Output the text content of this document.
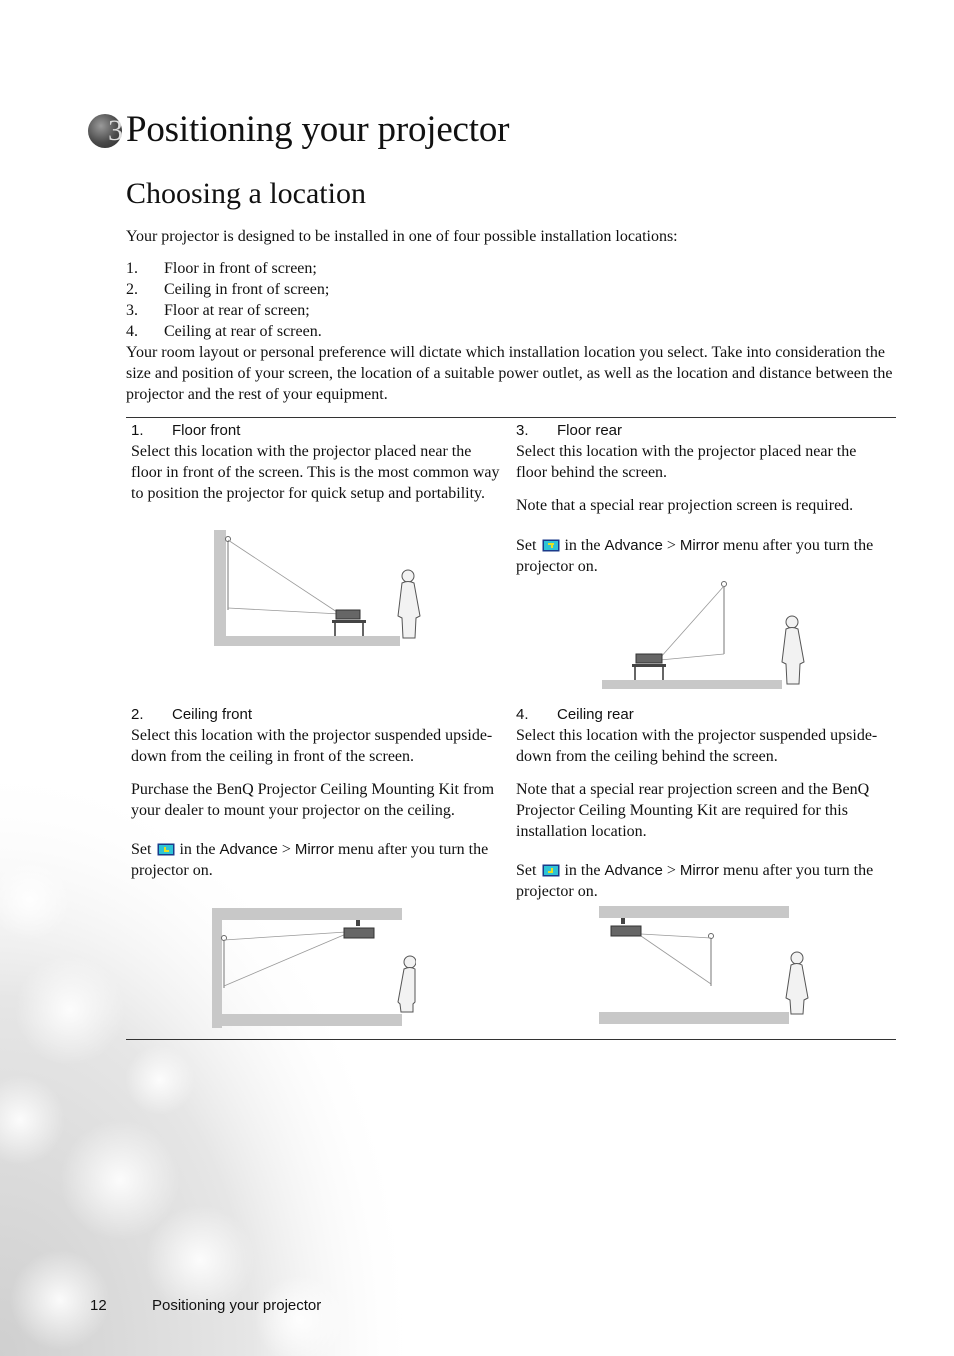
3 Positioning your projector
Choosing a location
Your projector is designed to be installed in one of four possible installation locations:
1.	Floor in front of screen;
2.	Ceiling in front of screen;
3.	Floor at rear of screen;
4.	Ceiling at rear of screen.
Your room layout or personal preference will dictate which installation location you select. Take into consideration the size and position of your screen, the location of a suitable power outlet, as well as the location and distance between the projector and the rest of your equipment.
1.	Floor front

Select this location with the projector placed near the floor in front of the screen. This is the most common way to position the projector for quick setup and portability.

3.	Floor rear

Select this location with the projector placed near the floor behind the screen.

Note that a special rear projection screen is required.

Set in the Advance > Mirror menu after you turn the projector on.

2.	Ceiling front

Select this location with the projector suspended upside-down from the ceiling in front of the screen.

Purchase the BenQ Projector Ceiling Mounting Kit from your dealer to mount your projector on the ceiling.

Set in the Advance > Mirror menu after you turn the projector on.

4.	Ceiling rear

Select this location with the projector suspended upside-down from the ceiling behind the screen.

Note that a special rear projection screen and the BenQ Projector Ceiling Mounting Kit are required for this installation location.

Set in the Advance > Mirror menu after you turn the projector on.

12	Positioning your projector
